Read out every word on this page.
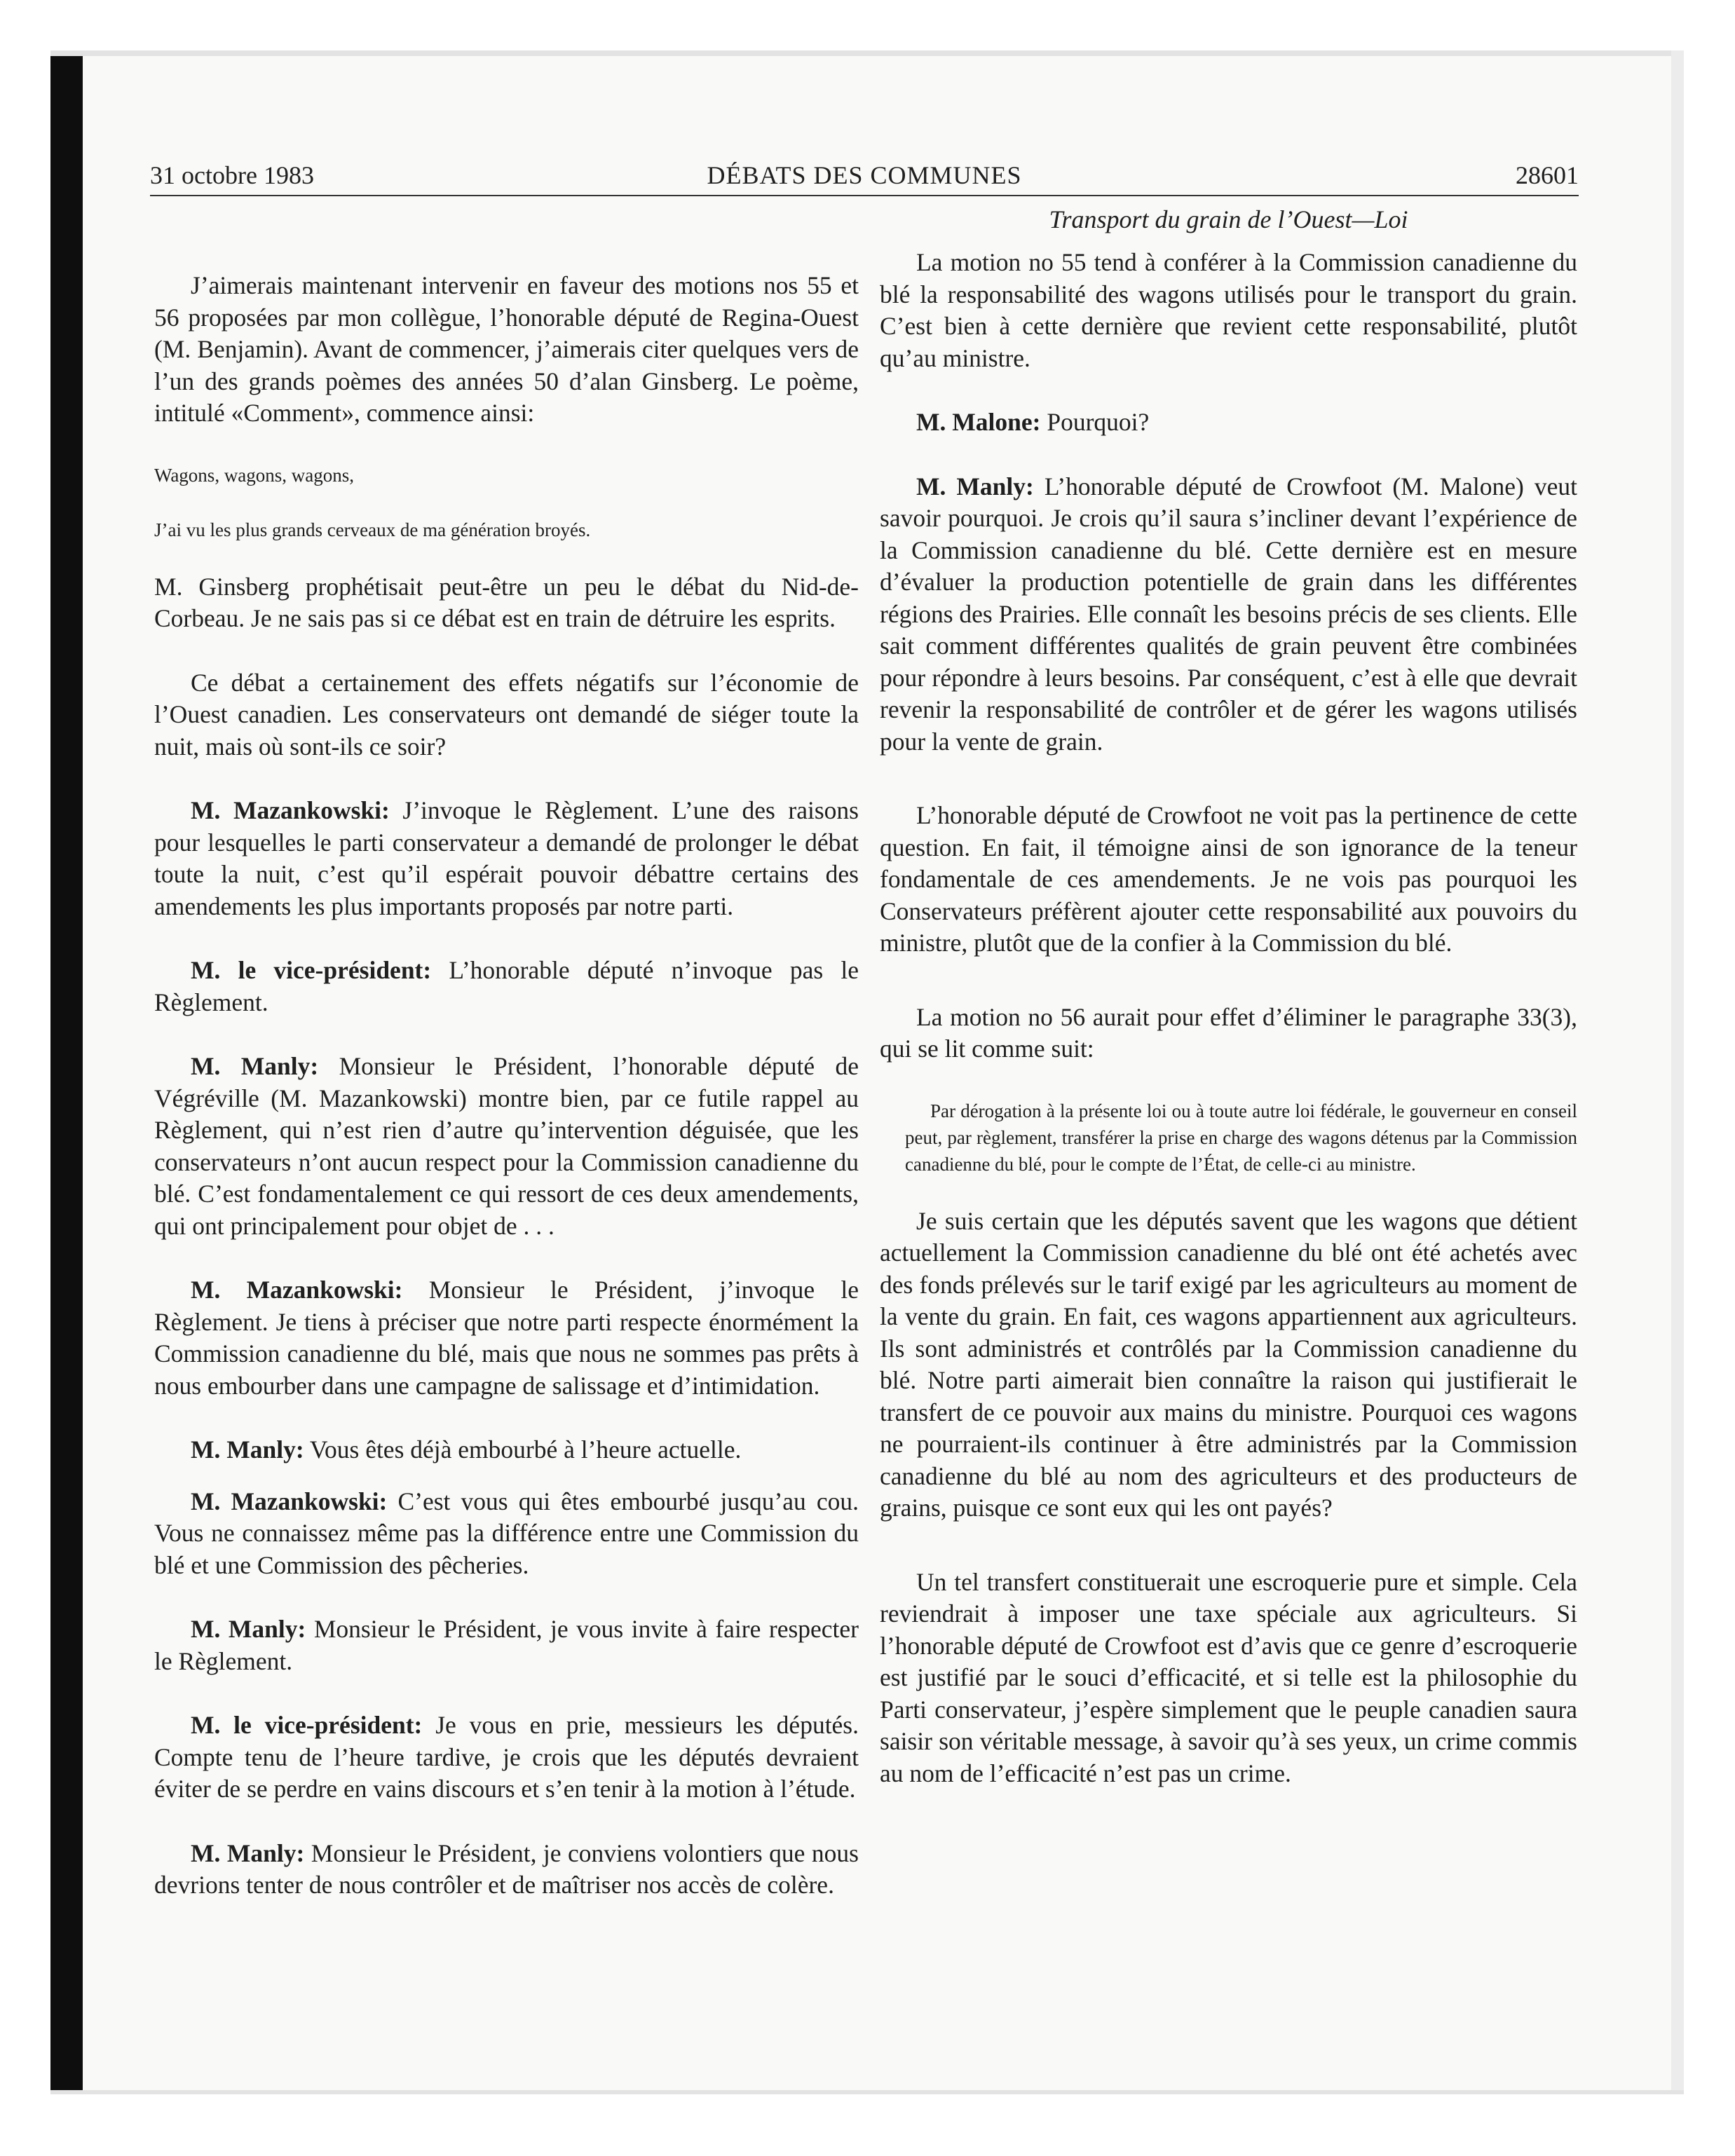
31 octobre 1983	DÉBATS DES COMMUNES	28601

J’aimerais maintenant intervenir en faveur des motions nos 55 et 56 proposées par mon collègue, l’honorable député de Regina-Ouest (M. Benjamin). Avant de commencer, j’aimerais citer quelques vers de l’un des grands poèmes des années 50 d’alan Ginsberg. Le poème, intitulé «Comment», commence ainsi:

Wagons, wagons, wagons,

J’ai vu les plus grands cerveaux de ma génération broyés.

M. Ginsberg prophétisait peut-être un peu le débat du Nid-de-Corbeau. Je ne sais pas si ce débat est en train de détruire les esprits.

Ce débat a certainement des effets négatifs sur l’économie de l’Ouest canadien. Les conservateurs ont demandé de siéger toute la nuit, mais où sont-ils ce soir?

M. Mazankowski: J’invoque le Règlement. L’une des raisons pour lesquelles le parti conservateur a demandé de prolonger le débat toute la nuit, c’est qu’il espérait pouvoir débattre certains des amendements les plus importants proposés par notre parti.

M. le vice-président: L’honorable député n’invoque pas le Règlement.

M. Manly: Monsieur le Président, l’honorable député de Végréville (M. Mazankowski) montre bien, par ce futile rappel au Règlement, qui n’est rien d’autre qu’intervention déguisée, que les conservateurs n’ont aucun respect pour la Commission canadienne du blé. C’est fondamentalement ce qui ressort de ces deux amendements, qui ont principalement pour objet de . . .

M. Mazankowski: Monsieur le Président, j’invoque le Règlement. Je tiens à préciser que notre parti respecte énormément la Commission canadienne du blé, mais que nous ne sommes pas prêts à nous embourber dans une campagne de salissage et d’intimidation.

M. Manly: Vous êtes déjà embourbé à l’heure actuelle.

M. Mazankowski: C’est vous qui êtes embourbé jusqu’au cou. Vous ne connaissez même pas la différence entre une Commission du blé et une Commission des pêcheries.

M. Manly: Monsieur le Président, je vous invite à faire respecter le Règlement.

M. le vice-président: Je vous en prie, messieurs les députés. Compte tenu de l’heure tardive, je crois que les députés devraient éviter de se perdre en vains discours et s’en tenir à la motion à l’étude.

M. Manly: Monsieur le Président, je conviens volontiers que nous devrions tenter de nous contrôler et de maîtriser nos accès de colère.

Transport du grain de l’Ouest—Loi

La motion no 55 tend à conférer à la Commission canadienne du blé la responsabilité des wagons utilisés pour le transport du grain. C’est bien à cette dernière que revient cette responsabilité, plutôt qu’au ministre.

M. Malone: Pourquoi?

M. Manly: L’honorable député de Crowfoot (M. Malone) veut savoir pourquoi. Je crois qu’il saura s’incliner devant l’expérience de la Commission canadienne du blé. Cette dernière est en mesure d’évaluer la production potentielle de grain dans les différentes régions des Prairies. Elle connaît les besoins précis de ses clients. Elle sait comment différentes qualités de grain peuvent être combinées pour répondre à leurs besoins. Par conséquent, c’est à elle que devrait revenir la responsabilité de contrôler et de gérer les wagons utilisés pour la vente de grain.

L’honorable député de Crowfoot ne voit pas la pertinence de cette question. En fait, il témoigne ainsi de son ignorance de la teneur fondamentale de ces amendements. Je ne vois pas pourquoi les Conservateurs préfèrent ajouter cette responsabilité aux pouvoirs du ministre, plutôt que de la confier à la Commission du blé.

La motion no 56 aurait pour effet d’éliminer le paragraphe 33(3), qui se lit comme suit:

Par dérogation à la présente loi ou à toute autre loi fédérale, le gouverneur en conseil peut, par règlement, transférer la prise en charge des wagons détenus par la Commission canadienne du blé, pour le compte de l’État, de celle-ci au ministre.

Je suis certain que les députés savent que les wagons que détient actuellement la Commission canadienne du blé ont été achetés avec des fonds prélevés sur le tarif exigé par les agriculteurs au moment de la vente du grain. En fait, ces wagons appartiennent aux agriculteurs. Ils sont administrés et contrôlés par la Commission canadienne du blé. Notre parti aimerait bien connaître la raison qui justifierait le transfert de ce pouvoir aux mains du ministre. Pourquoi ces wagons ne pourraient-ils continuer à être administrés par la Commission canadienne du blé au nom des agriculteurs et des producteurs de grains, puisque ce sont eux qui les ont payés?

Un tel transfert constituerait une escroquerie pure et simple. Cela reviendrait à imposer une taxe spéciale aux agriculteurs. Si l’honorable député de Crowfoot est d’avis que ce genre d’escroquerie est justifié par le souci d’efficacité, et si telle est la philosophie du Parti conservateur, j’espère simplement que le peuple canadien saura saisir son véritable message, à savoir qu’à ses yeux, un crime commis au nom de l’efficacité n’est pas un crime.
